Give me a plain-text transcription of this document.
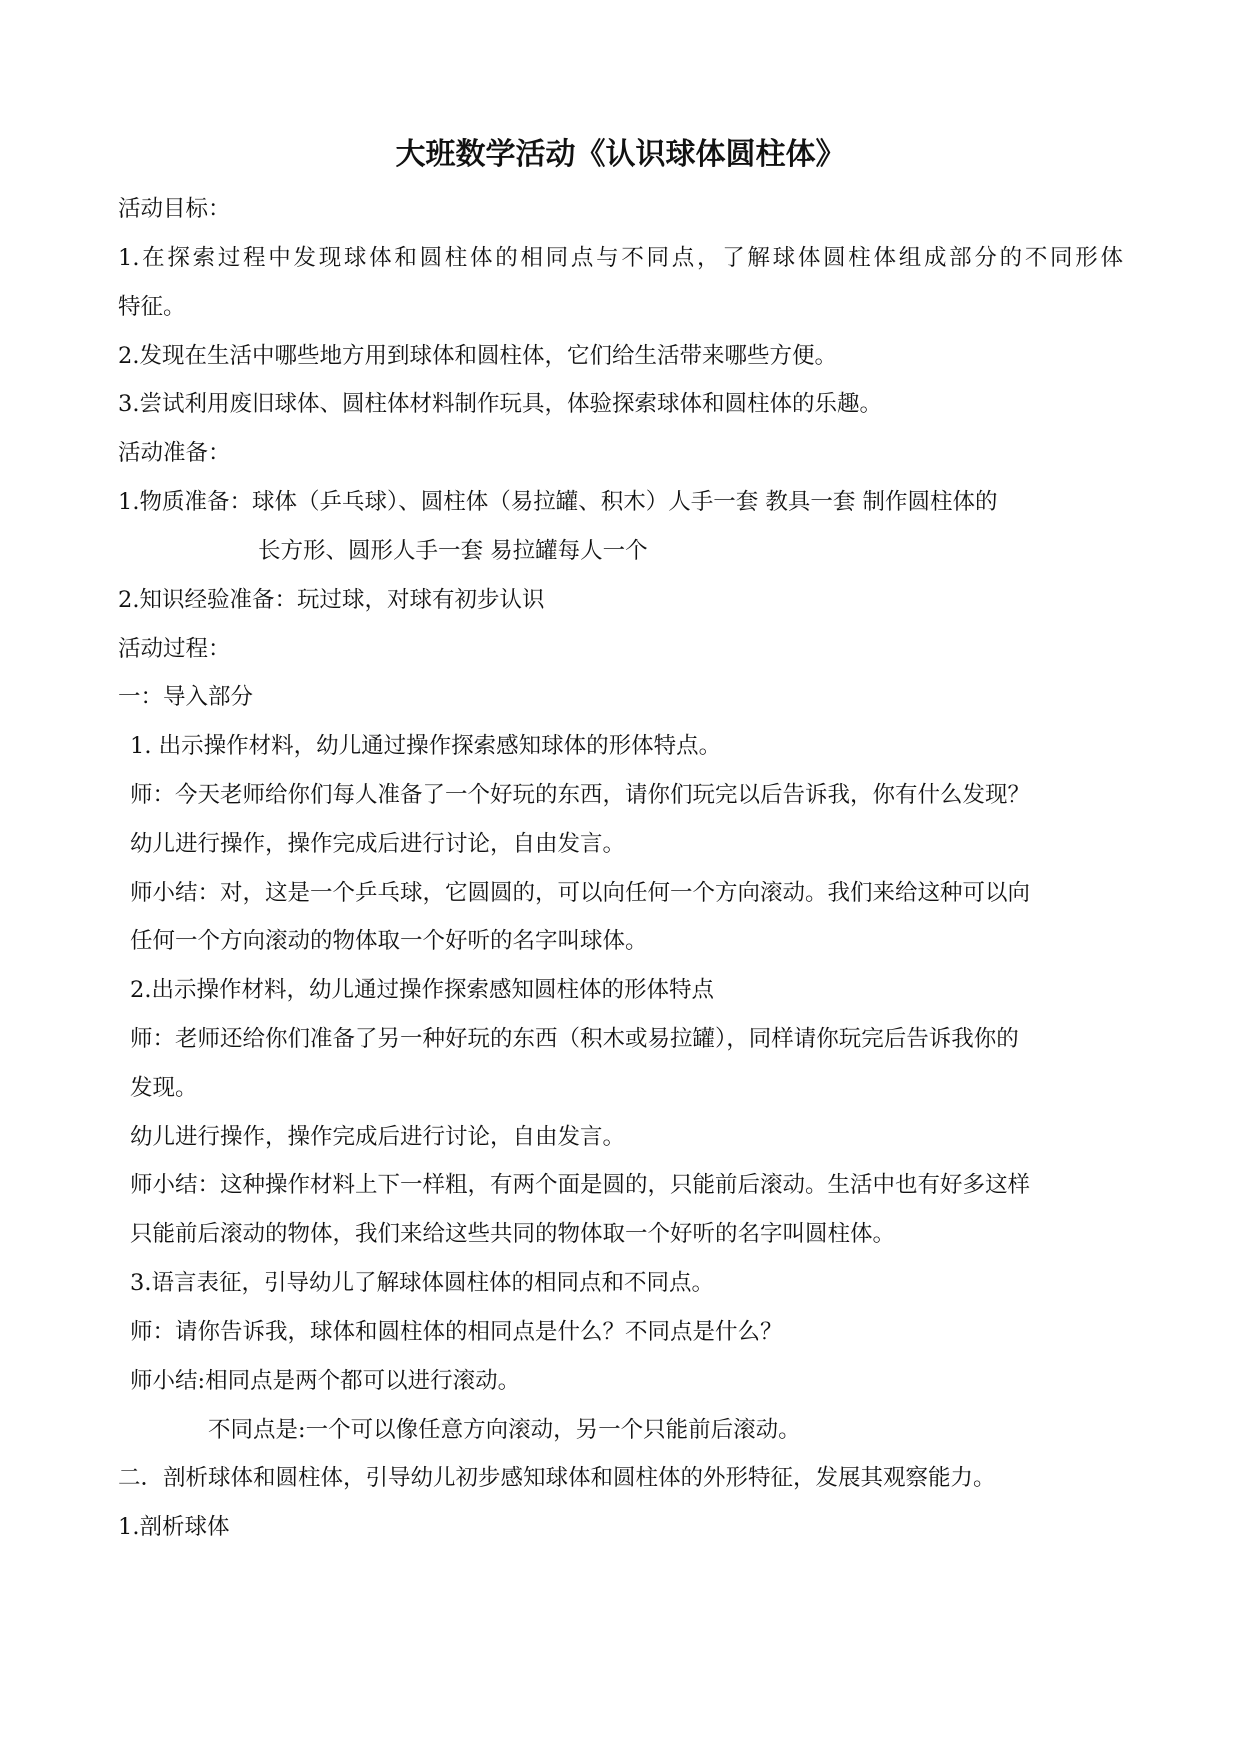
大班数学活动《认识球体圆柱体》
活动目标：
1.在探索过程中发现球体和圆柱体的相同点与不同点，了解球体圆柱体组成部分的不同形体
特征。
2.发现在生活中哪些地方用到球体和圆柱体，它们给生活带来哪些方便。
3.尝试利用废旧球体、圆柱体材料制作玩具，体验探索球体和圆柱体的乐趣。
活动准备：
1.物质准备：球体（乒乓球）、圆柱体（易拉罐、积木）人手一套 教具一套 制作圆柱体的
长方形、圆形人手一套 易拉罐每人一个
2.知识经验准备：玩过球，对球有初步认识
活动过程：
一：导入部分
1. 出示操作材料，幼儿通过操作探索感知球体的形体特点。
师：今天老师给你们每人准备了一个好玩的东西，请你们玩完以后告诉我，你有什么发现？
幼儿进行操作，操作完成后进行讨论，自由发言。
师小结：对，这是一个乒乓球，它圆圆的，可以向任何一个方向滚动。我们来给这种可以向
任何一个方向滚动的物体取一个好听的名字叫球体。
2.出示操作材料，幼儿通过操作探索感知圆柱体的形体特点
师：老师还给你们准备了另一种好玩的东西（积木或易拉罐），同样请你玩完后告诉我你的
发现。
幼儿进行操作，操作完成后进行讨论，自由发言。
师小结：这种操作材料上下一样粗，有两个面是圆的，只能前后滚动。生活中也有好多这样
只能前后滚动的物体，我们来给这些共同的物体取一个好听的名字叫圆柱体。
3.语言表征，引导幼儿了解球体圆柱体的相同点和不同点。
师：请你告诉我，球体和圆柱体的相同点是什么？不同点是什么？
师小结:相同点是两个都可以进行滚动。
不同点是:一个可以像任意方向滚动，另一个只能前后滚动。
二．剖析球体和圆柱体，引导幼儿初步感知球体和圆柱体的外形特征，发展其观察能力。
1.剖析球体
